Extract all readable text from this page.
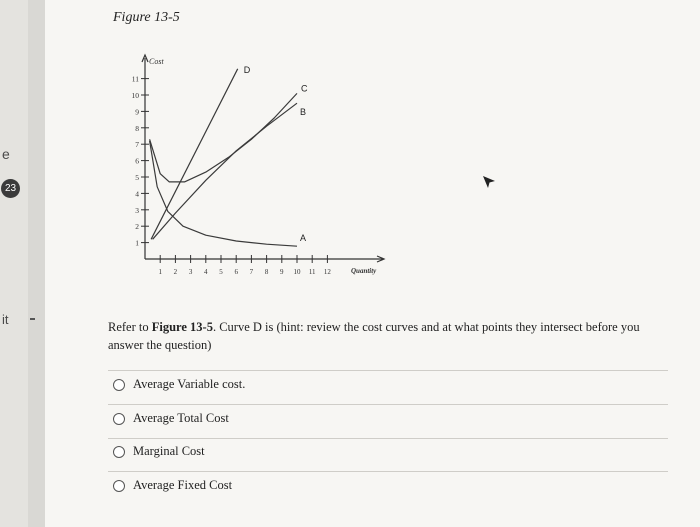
e
23
it
Figure 13-5
Cost
Quantity
1
2
3
4
5
6
7
8
9
10
11
1 2 3 4 5 6 7 8 9 10 11 12
D
C
B
A
Refer to Figure 13-5. Curve D is (hint: review the cost curves and at what points they intersect before you answer the question)
Average Variable cost.
Average Total Cost
Marginal Cost
Average Fixed Cost
